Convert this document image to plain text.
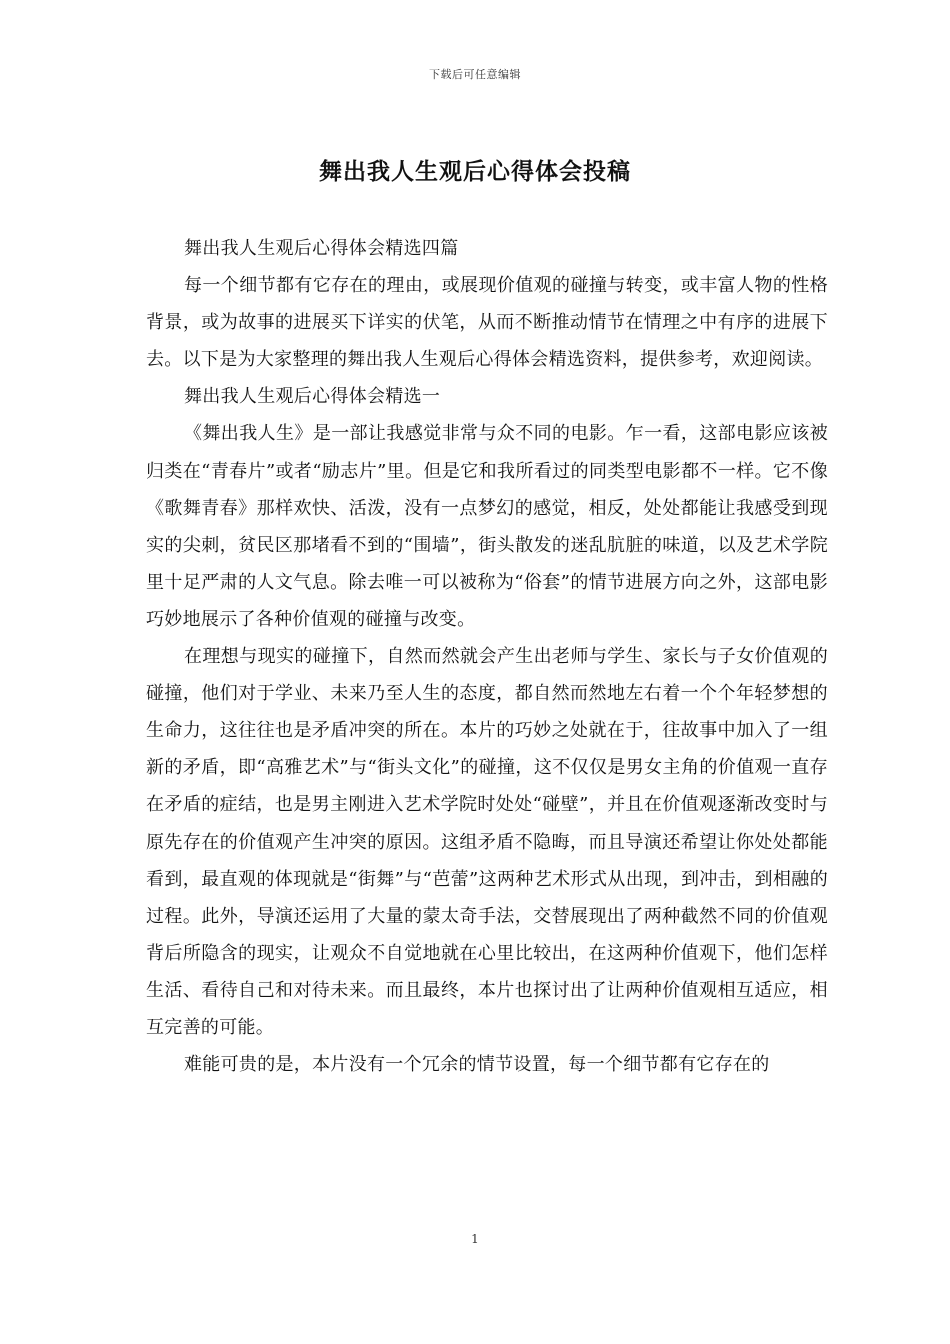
下载后可任意编辑
舞出我人生观后心得体会投稿

舞出我人生观后心得体会精选四篇

每一个细节都有它存在的理由，或展现价值观的碰撞与转变，或丰富人物的性格背景，或为故事的进展买下详实的伏笔，从而不断推动情节在情理之中有序的进展下去。以下是为大家整理的舞出我人生观后心得体会精选资料，提供参考，欢迎阅读。

舞出我人生观后心得体会精选一

《舞出我人生》是一部让我感觉非常与众不同的电影。乍一看，这部电影应该被归类在“青春片”或者“励志片”里。但是它和我所看过的同类型电影都不一样。它不像《歌舞青春》那样欢快、活泼，没有一点梦幻的感觉，相反，处处都能让我感受到现实的尖刺，贫民区那堵看不到的“围墙”，街头散发的迷乱肮脏的味道，以及艺术学院里十足严肃的人文气息。除去唯一可以被称为“俗套”的情节进展方向之外，这部电影巧妙地展示了各种价值观的碰撞与改变。

在理想与现实的碰撞下，自然而然就会产生出老师与学生、家长与子女价值观的碰撞，他们对于学业、未来乃至人生的态度，都自然而然地左右着一个个年轻梦想的生命力，这往往也是矛盾冲突的所在。本片的巧妙之处就在于，往故事中加入了一组新的矛盾，即“高雅艺术”与“街头文化”的碰撞，这不仅仅是男女主角的价值观一直存在矛盾的症结，也是男主刚进入艺术学院时处处“碰壁”，并且在价值观逐渐改变时与原先存在的价值观产生冲突的原因。这组矛盾不隐晦，而且导演还希望让你处处都能看到，最直观的体现就是“街舞”与“芭蕾”这两种艺术形式从出现，到冲击，到相融的过程。此外，导演还运用了大量的蒙太奇手法，交替展现出了两种截然不同的价值观背后所隐含的现实，让观众不自觉地就在心里比较出，在这两种价值观下，他们怎样生活、看待自己和对待未来。而且最终，本片也探讨出了让两种价值观相互适应，相互完善的可能。

难能可贵的是，本片没有一个冗余的情节设置，每一个细节都有它存在的

1
